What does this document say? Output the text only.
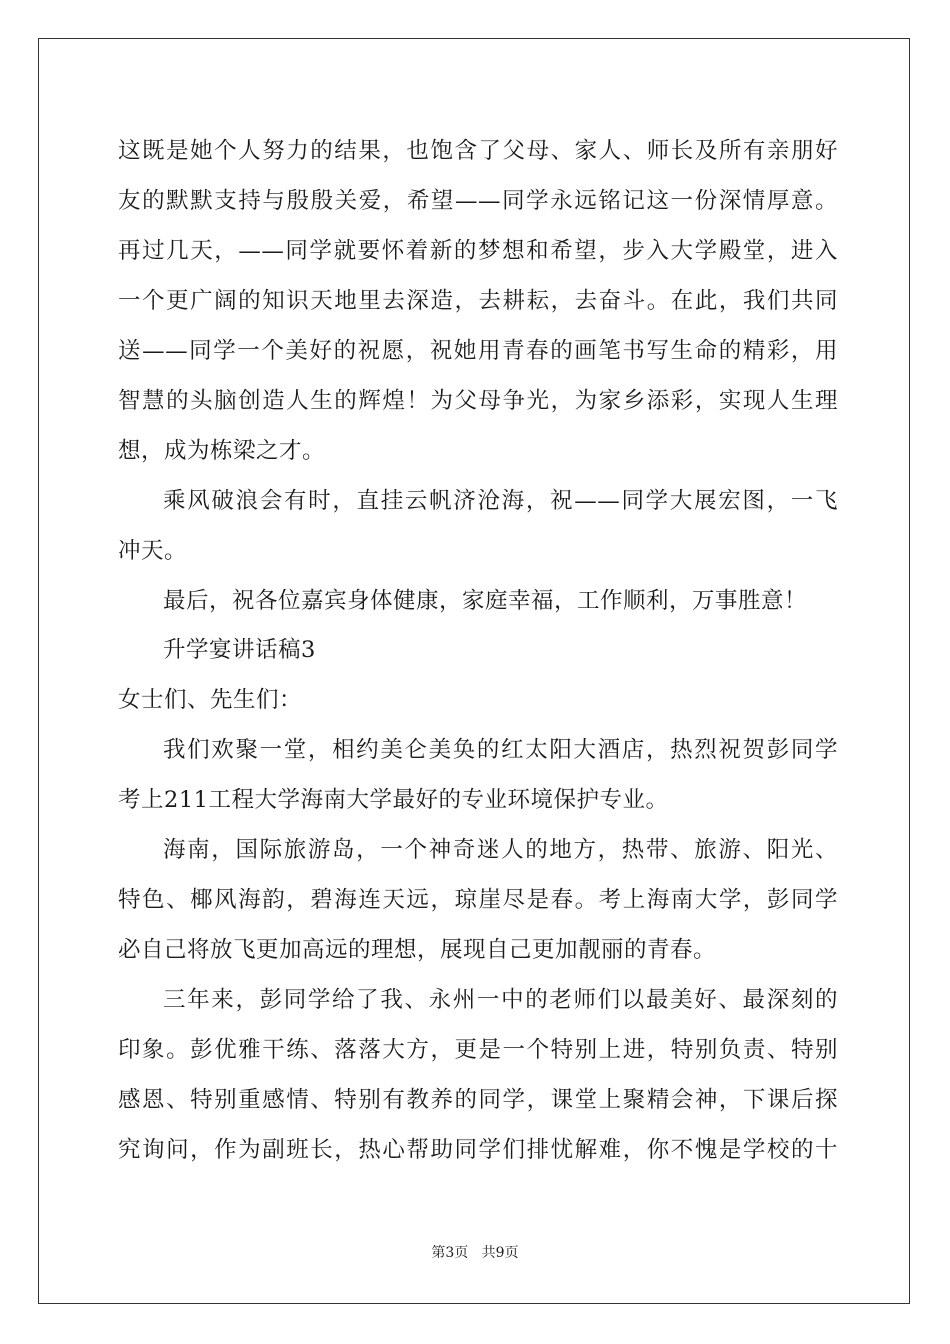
这既是她个人努力的结果，也饱含了父母、家人、师长及所有亲朋好
友的默默支持与殷殷关爱，希望——同学永远铭记这一份深情厚意。
再过几天，——同学就要怀着新的梦想和希望，步入大学殿堂，进入
一个更广阔的知识天地里去深造，去耕耘，去奋斗。在此，我们共同
送——同学一个美好的祝愿，祝她用青春的画笔书写生命的精彩，用
智慧的头脑创造人生的辉煌！为父母争光，为家乡添彩，实现人生理
想，成为栋梁之才。
乘风破浪会有时，直挂云帆济沧海，祝——同学大展宏图，一飞
冲天。
最后，祝各位嘉宾身体健康，家庭幸福，工作顺利，万事胜意！
升学宴讲话稿3
女士们、先生们：
我们欢聚一堂，相约美仑美奂的红太阳大酒店，热烈祝贺彭同学
考上211工程大学海南大学最好的专业环境保护专业。
海南，国际旅游岛，一个神奇迷人的地方，热带、旅游、阳光、
特色、椰风海韵，碧海连天远，琼崖尽是春。考上海南大学，彭同学
必自己将放飞更加高远的理想，展现自己更加靓丽的青春。
三年来，彭同学给了我、永州一中的老师们以最美好、最深刻的
印象。彭优雅干练、落落大方，更是一个特别上进，特别负责、特别
感恩、特别重感情、特别有教养的同学，课堂上聚精会神，下课后探
究询问，作为副班长，热心帮助同学们排忧解难，你不愧是学校的十
第3页   共9页
